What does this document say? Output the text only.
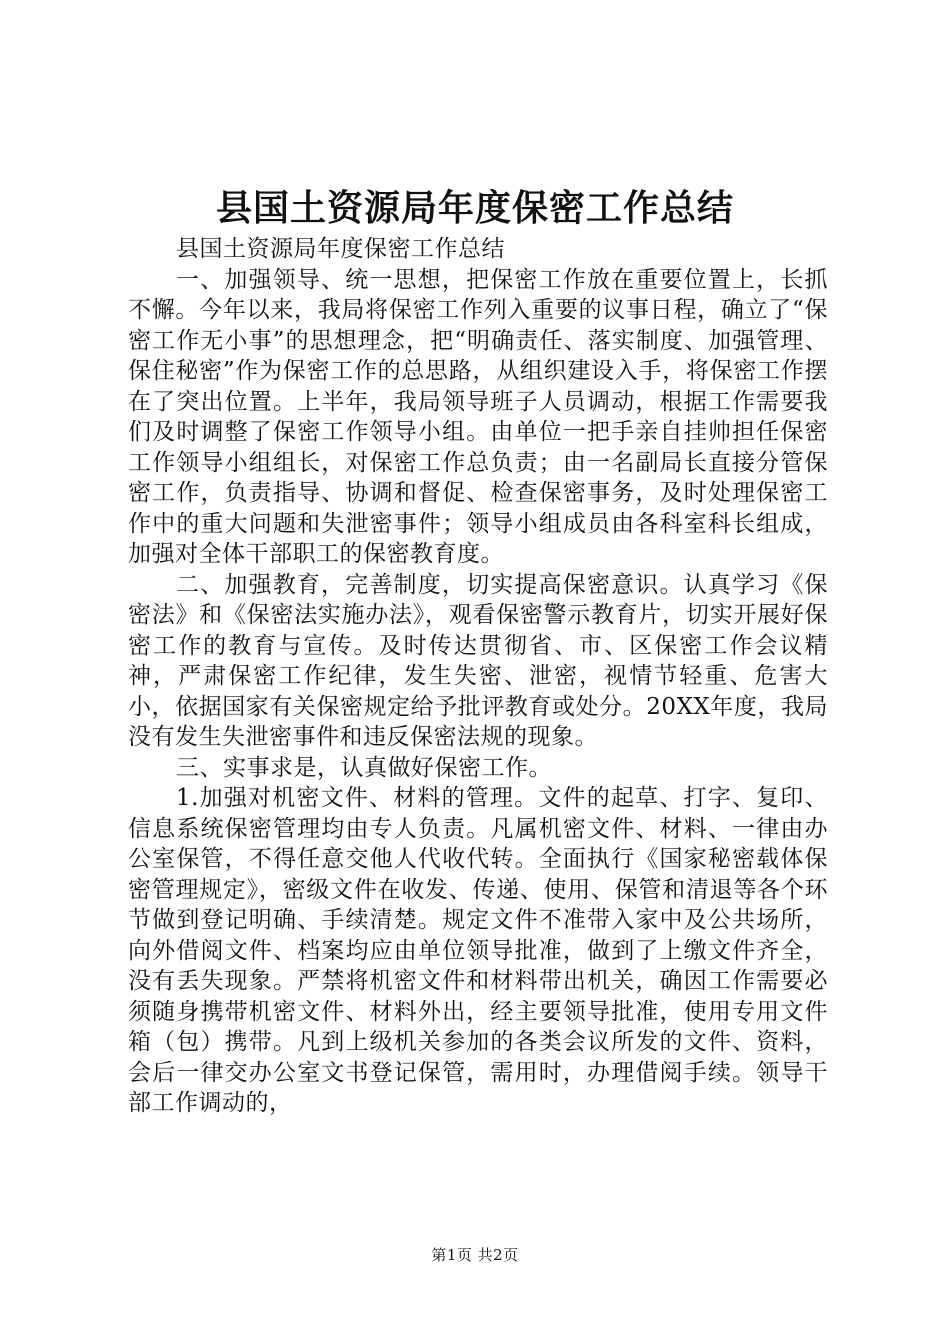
县国土资源局年度保密工作总结

县国土资源局年度保密工作总结

一、加强领导、统一思想，把保密工作放在重要位置上，长抓不懈。今年以来，我局将保密工作列入重要的议事日程，确立了“保密工作无小事”的思想理念，把“明确责任、落实制度、加强管理、保住秘密”作为保密工作的总思路，从组织建设入手，将保密工作摆在了突出位置。上半年，我局领导班子人员调动，根据工作需要我们及时调整了保密工作领导小组。由单位一把手亲自挂帅担任保密工作领导小组组长，对保密工作总负责；由一名副局长直接分管保密工作，负责指导、协调和督促、检查保密事务，及时处理保密工作中的重大问题和失泄密事件；领导小组成员由各科室科长组成，加强对全体干部职工的保密教育度。

二、加强教育，完善制度，切实提高保密意识。认真学习《保密法》和《保密法实施办法》，观看保密警示教育片，切实开展好保密工作的教育与宣传。及时传达贯彻省、市、区保密工作会议精神，严肃保密工作纪律，发生失密、泄密，视情节轻重、危害大小，依据国家有关保密规定给予批评教育或处分。20XX年度，我局没有发生失泄密事件和违反保密法规的现象。

三、实事求是，认真做好保密工作。

1.加强对机密文件、材料的管理。文件的起草、打字、复印、信息系统保密管理均由专人负责。凡属机密文件、材料、一律由办公室保管，不得任意交他人代收代转。全面执行《国家秘密载体保密管理规定》，密级文件在收发、传递、使用、保管和清退等各个环节做到登记明确、手续清楚。规定文件不准带入家中及公共场所，向外借阅文件、档案均应由单位领导批准，做到了上缴文件齐全，没有丢失现象。严禁将机密文件和材料带出机关，确因工作需要必须随身携带机密文件、材料外出，经主要领导批准，使用专用文件箱（包）携带。凡到上级机关参加的各类会议所发的文件、资料，会后一律交办公室文书登记保管，需用时，办理借阅手续。领导干部工作调动的，

第1页 共2页
